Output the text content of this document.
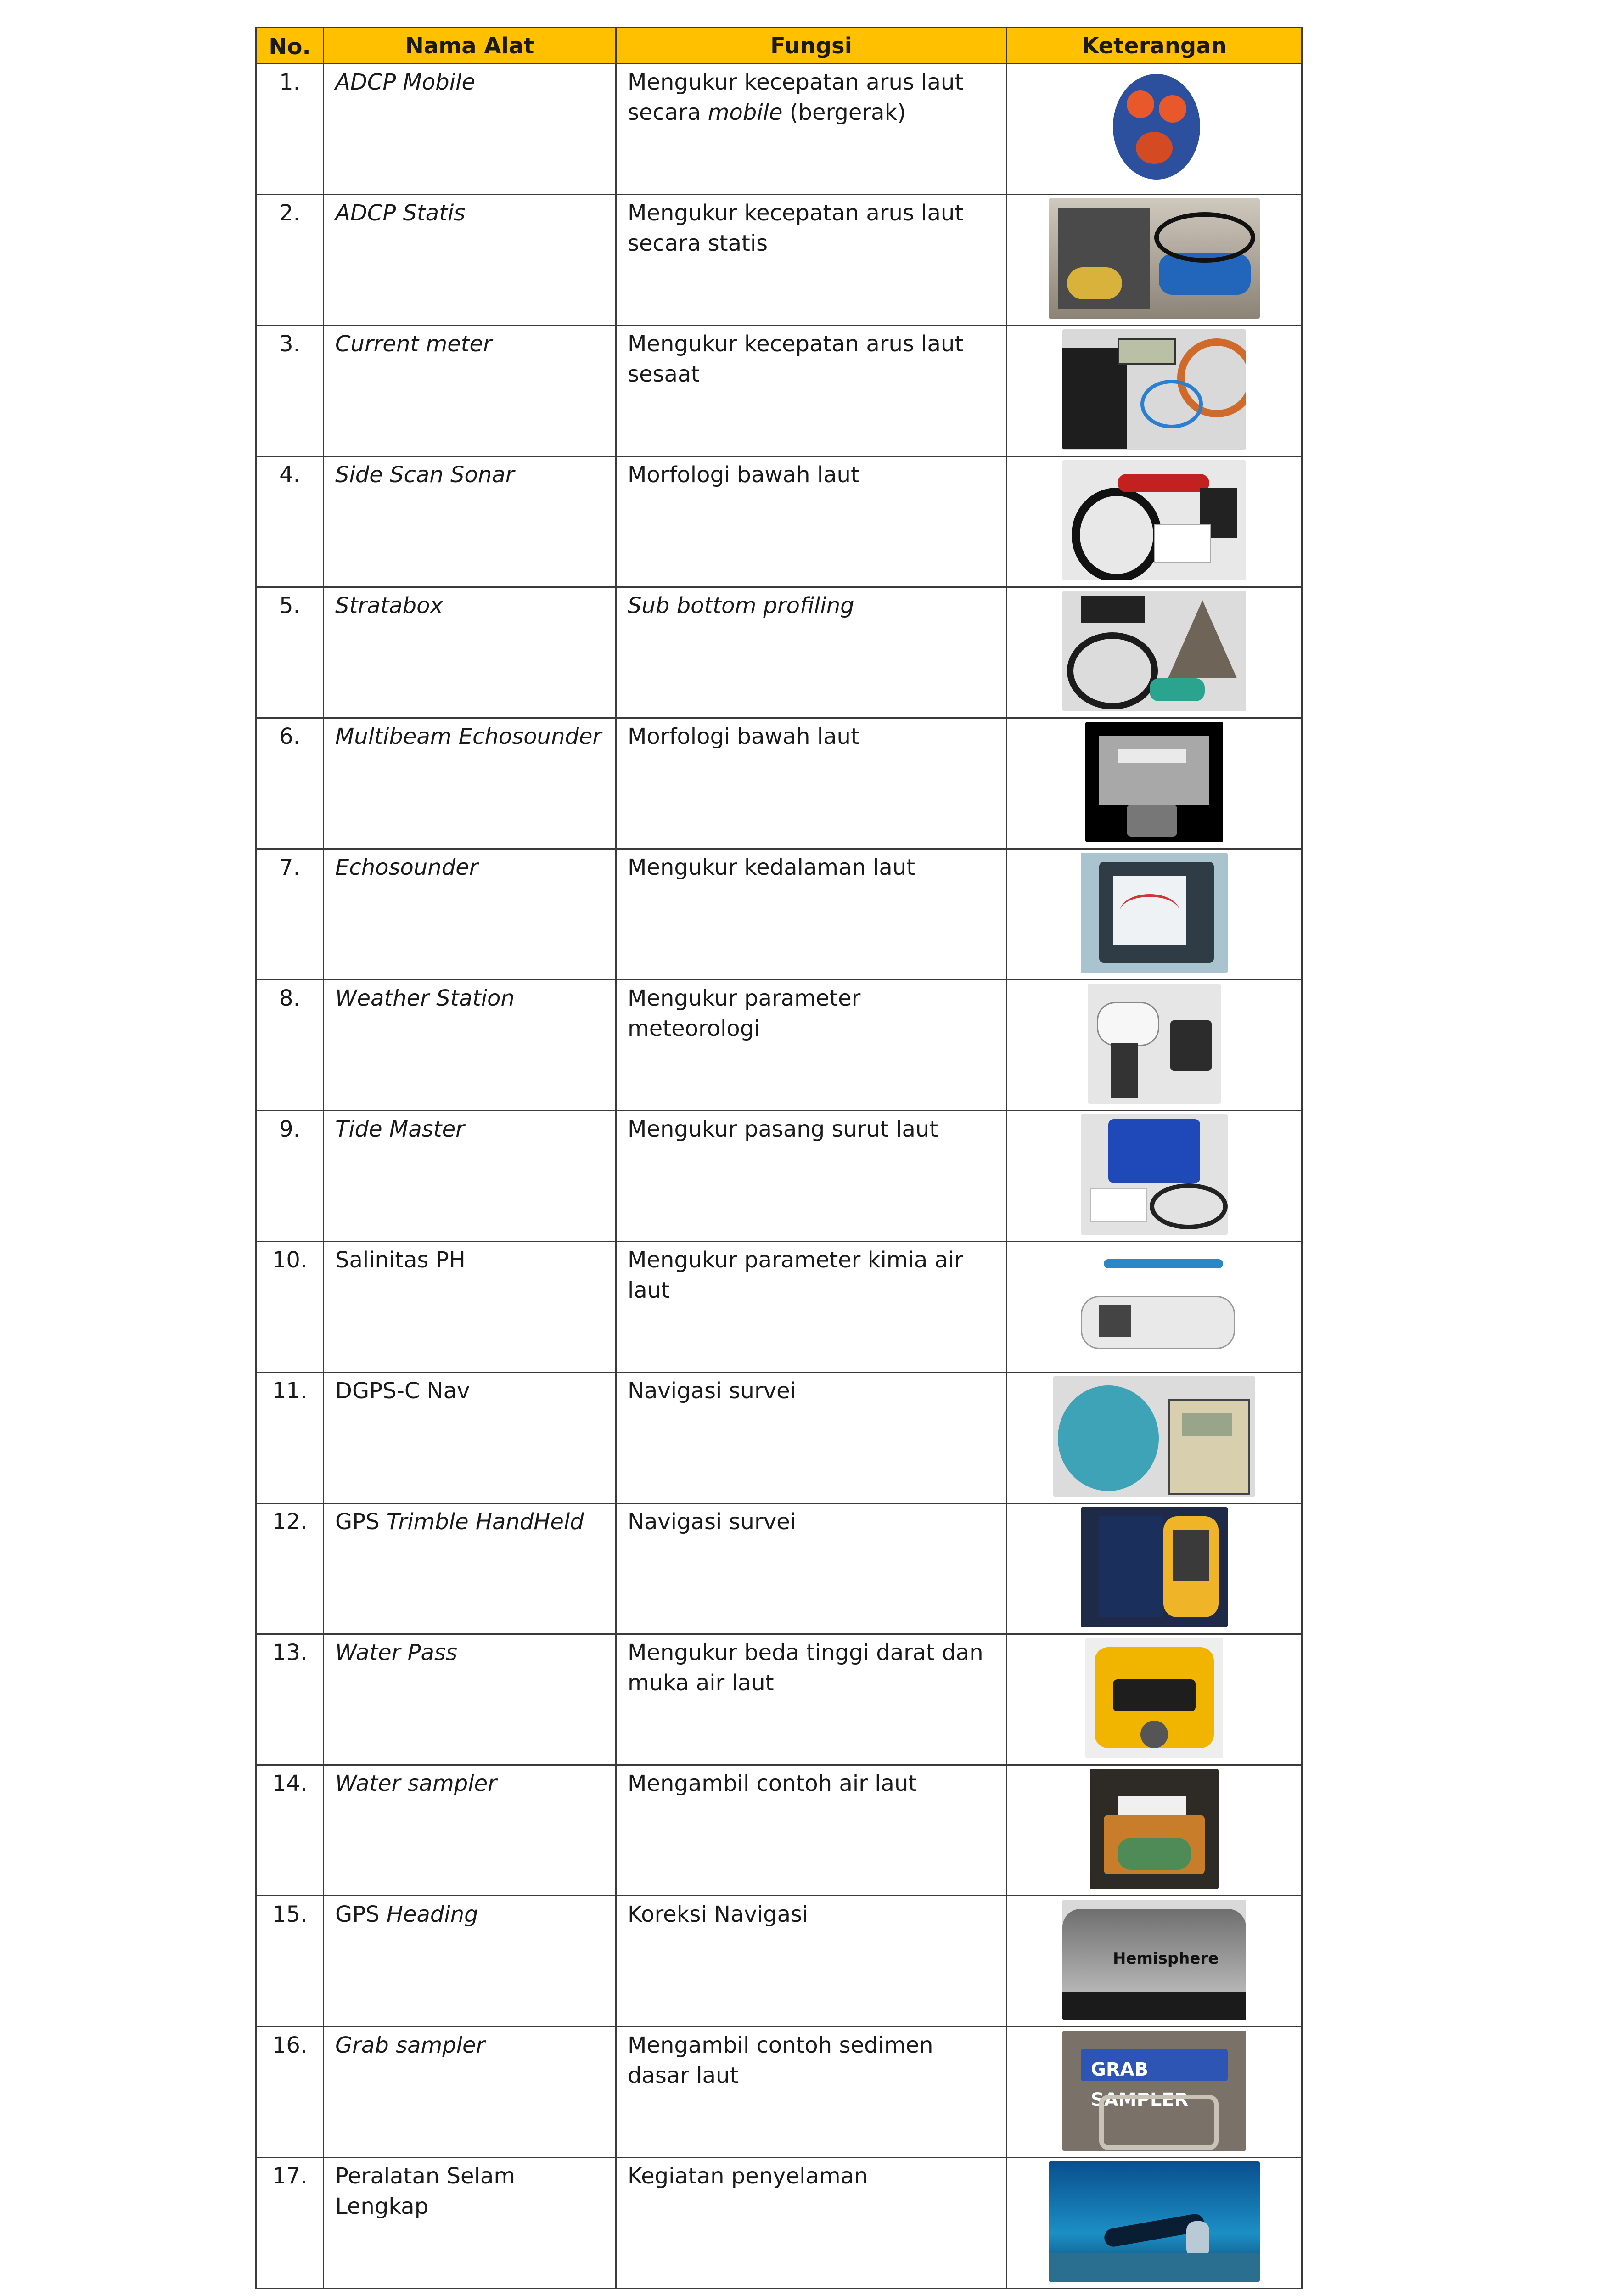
No.	Nama Alat	Fungsi	Keterangan
1.	ADCP Mobile	Mengukur kecepatan arus laut secara mobile (bergerak)	

2.	ADCP Statis	Mengukur kecepatan arus laut secara statis	

3.	Current meter	Mengukur kecepatan arus laut sesaat	

4.	Side Scan Sonar	Morfologi bawah laut	

5.	Stratabox	Sub bottom profiling	

6.	Multibeam Echosounder	Morfologi bawah laut	

7.	Echosounder	Mengukur kedalaman laut	

8.	Weather Station	Mengukur parameter meteorologi	

9.	Tide Master	Mengukur pasang surut laut	

10.	Salinitas PH	Mengukur parameter kimia air laut	

11.	DGPS-C Nav	Navigasi survei	

12.	GPS Trimble HandHeld	Navigasi survei	

13.	Water Pass	Mengukur beda tinggi darat dan muka air laut	

14.	Water sampler	Mengambil contoh air laut	

15.	GPS Heading	Koreksi Navigasi	Hemisphere

16.	Grab sampler	Mengambil contoh sedimen dasar laut	GRAB SAMPLER

17.	Peralatan Selam Lengkap	Kegiatan penyelaman	
